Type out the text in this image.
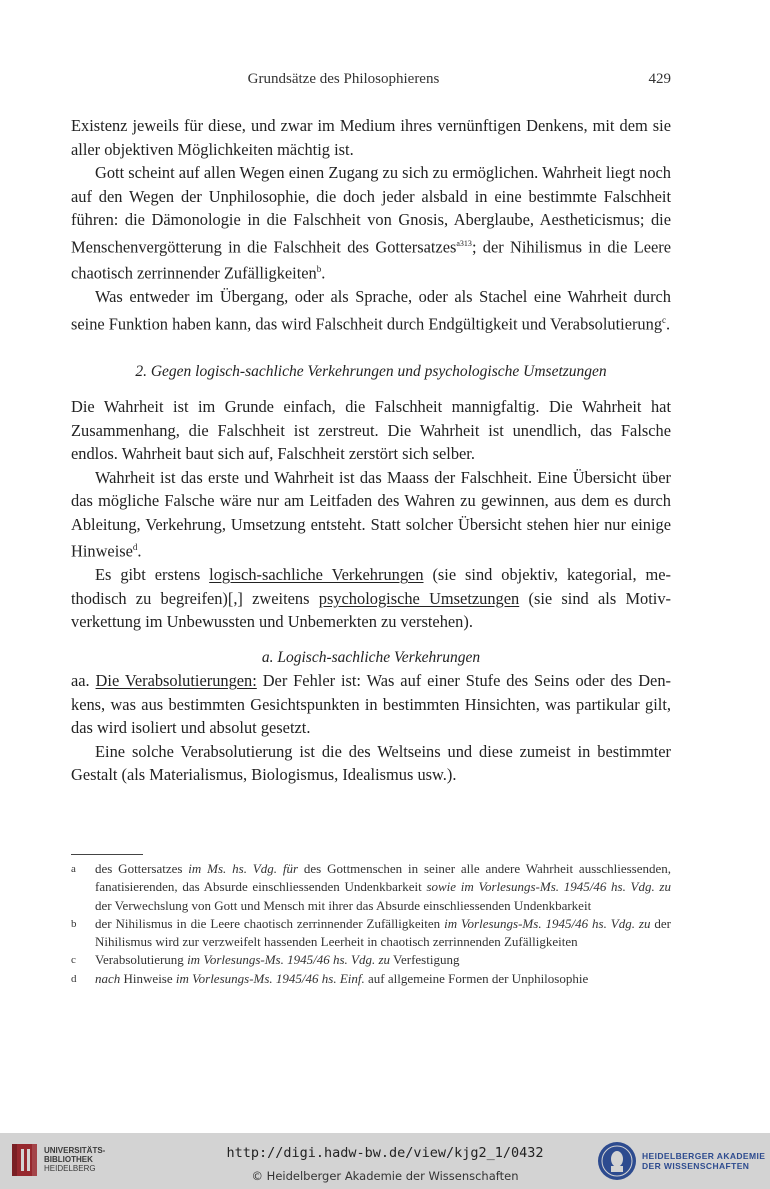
Grundsätze des Philosophierens	429

Existenz jeweils für diese, und zwar im Medium ihres vernünftigen Denkens, mit dem sie aller objektiven Möglichkeiten mächtig ist.

Gott scheint auf allen Wegen einen Zugang zu sich zu ermöglichen. Wahrheit liegt noch auf den Wegen der Unphilosophie, die doch jeder alsbald in eine bestimmte Falschheit führen: die Dämonologie in die Falschheit von Gnosis, Aberglaube, Aestheticismus; die Menschenvergötterung in die Falschheit des Gottersatzes$^{a313}$; der Nihilismus in die Leere chaotisch zerrinnender Zufälligkeiten$^b$.

Was entweder im Übergang, oder als Sprache, oder als Stachel eine Wahrheit durch seine Funktion haben kann, das wird Falschheit durch Endgültigkeit und Verabsolutierung$^c$.

2. Gegen logisch-sachliche Verkehrungen und psychologische Umsetzungen

Die Wahrheit ist im Grunde einfach, die Falschheit mannigfaltig. Die Wahrheit hat Zusammenhang, die Falschheit ist zerstreut. Die Wahrheit ist unendlich, das Falsche endlos. Wahrheit baut sich auf, Falschheit zerstört sich selber.

Wahrheit ist das erste und Wahrheit ist das Maass der Falschheit. Eine Übersicht über das mögliche Falsche wäre nur am Leitfaden des Wahren zu gewinnen, aus dem es durch Ableitung, Verkehrung, Umsetzung entsteht. Statt solcher Übersicht stehen hier nur einige Hinweise$^d$.

Es gibt erstens logisch-sachliche Verkehrungen (sie sind objektiv, kategorial, methodisch zu begreifen)[,] zweitens psychologische Umsetzungen (sie sind als Motivverkettung im Unbewussten und Unbemerkten zu verstehen).

a. Logisch-sachliche Verkehrungen

aa. Die Verabsolutierungen: Der Fehler ist: Was auf einer Stufe des Seins oder des Denkens, was aus bestimmten Gesichtspunkten in bestimmten Hinsichten, was partikular gilt, das wird isoliert und absolut gesetzt.

Eine solche Verabsolutierung ist die des Weltseins und diese zumeist in bestimmter Gestalt (als Materialismus, Biologismus, Idealismus usw.).

a des Gottersatzes im Ms. hs. Vdg. für des Gottmenschen in seiner alle andere Wahrheit ausschliessenden, fanatisierenden, das Absurde einschliessenden Undenkbarkeit sowie im Vorlesungs-Ms. 1945/46 hs. Vdg. zu der Verwechslung von Gott und Mensch mit ihrer das Absurde einschliessenden Undenkbarkeit
b der Nihilismus in die Leere chaotisch zerrinnender Zufälligkeiten im Vorlesungs-Ms. 1945/46 hs. Vdg. zu der Nihilismus wird zur verzweifelt hassenden Leerheit in chaotisch zerrinnenden Zufälligkeiten
c Verabsolutierung im Vorlesungs-Ms. 1945/46 hs. Vdg. zu Verfestigung
d nach Hinweise im Vorlesungs-Ms. 1945/46 hs. Einf. auf allgemeine Formen der Unphilosophie
UNIVERSITÄTS-
BIBLIOTHEK
HEIDELBERG
http://digi.hadw-bw.de/view/kjg2_1/0432
© Heidelberger Akademie der Wissenschaften
HEIDELBERGER AKADEMIE
DER WISSENSCHAFTEN
